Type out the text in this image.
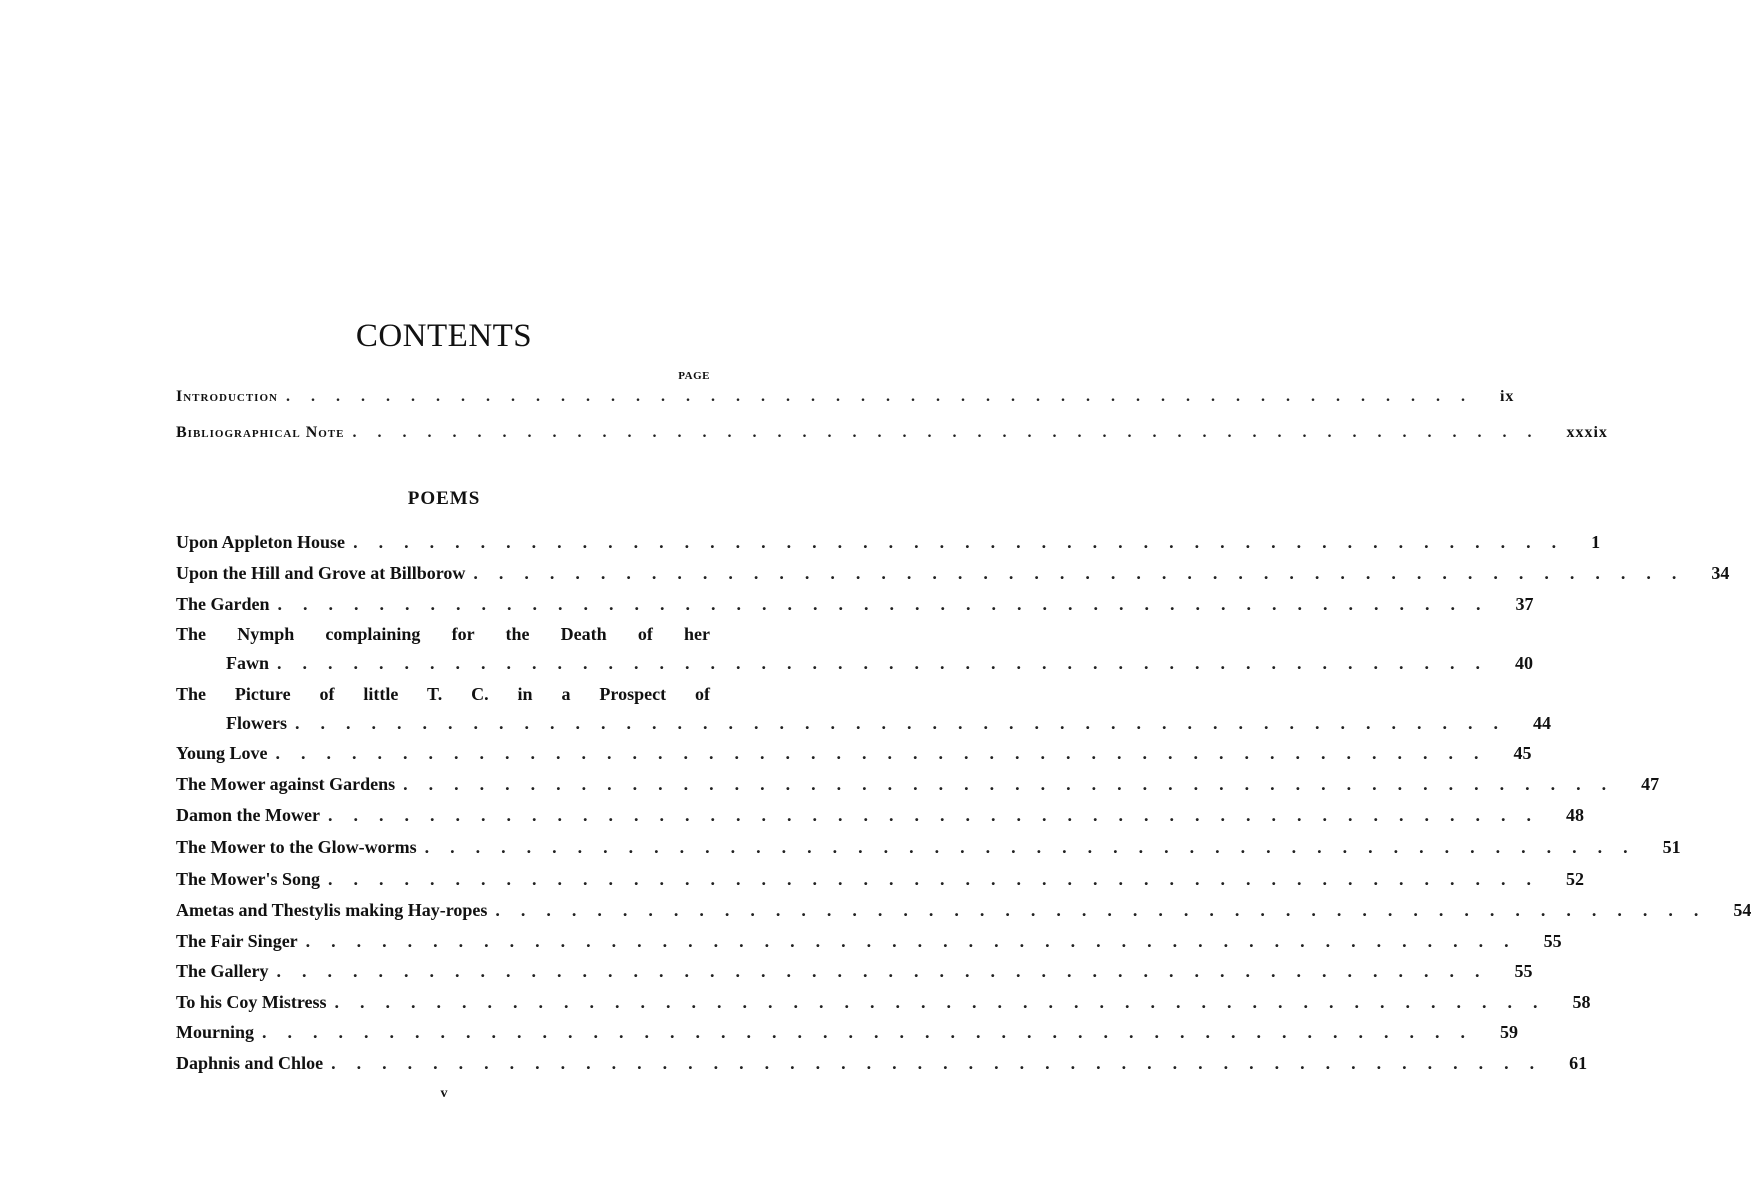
CONTENTS
PAGE
Introduction ................................................ ix
Bibliographical Note ................................................ xxxix
POEMS
Upon Appleton House ................................................ 1
Upon the Hill and Grove at Billborow ................................................ 34
The Garden ................................................ 37
The Nymph complaining for the Death of her
Fawn ................................................ 40
The Picture of little T. C. in a Prospect of
Flowers ................................................ 44
Young Love ................................................ 45
The Mower against Gardens ................................................ 47
Damon the Mower ................................................ 48
The Mower to the Glow-worms ................................................ 51
The Mower's Song ................................................ 52
Ametas and Thestylis making Hay-ropes ................................................ 54
The Fair Singer ................................................ 55
The Gallery ................................................ 55
To his Coy Mistress ................................................ 58
Mourning ................................................ 59
Daphnis and Chloe ................................................ 61
v
